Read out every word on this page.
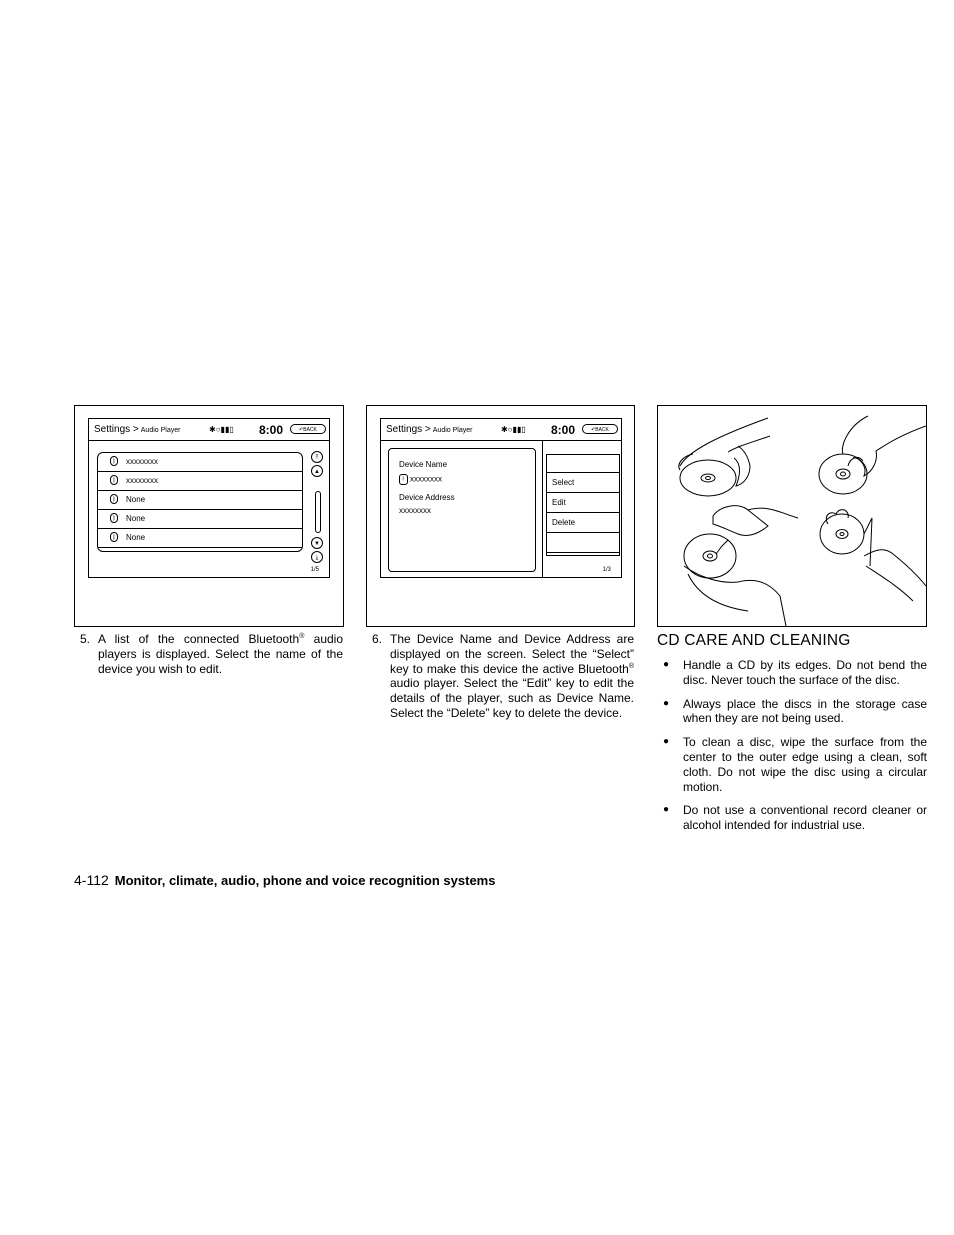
Settings > Audio Player	✱○▮▮▯ 8:00	↶BACK
ᛒ xxxxxxxx
ᛒ xxxxxxxx
ᛒ None
ᛒ None
ᛒ None
⤒
▲
▼
⤓
1/5
Settings > Audio Player	✱○▮▮▯ 8:00	↶BACK
Device Name
ᛒ xxxxxxxx
Device Address
xxxxxxxx
Select
Edit
Delete
1/3
5. A list of the connected Bluetooth® audio players is displayed. Select the name of the device you wish to edit.
6. The Device Name and Device Address are displayed on the screen. Select the “Select” key to make this device the active Bluetooth® audio player. Select the “Edit” key to edit the details of the player, such as Device Name. Select the “Delete” key to delete the device.
CD CARE AND CLEANING
● Handle a CD by its edges. Do not bend the disc. Never touch the surface of the disc.
● Always place the discs in the storage case when they are not being used.
● To clean a disc, wipe the surface from the center to the outer edge using a clean, soft cloth. Do not wipe the disc using a circular motion.
● Do not use a conventional record cleaner or alcohol intended for industrial use.
4-112 Monitor, climate, audio, phone and voice recognition systems
